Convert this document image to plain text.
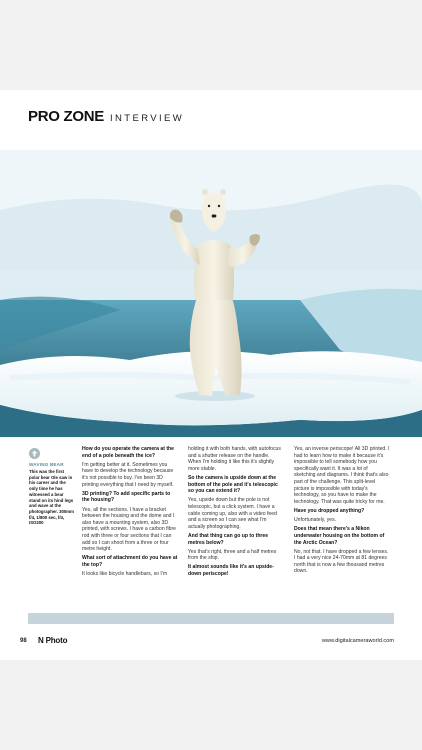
PRO ZONE INTERVIEW
WAVING BEAR
This was the first polar bear Ole saw in his career and the only time he has witnessed a bear stand on its hind legs and wave at the photographer. 300mm f/4, 1/800 sec, f/4, ISO200

How do you operate the camera at the end of a pole beneath the ice?

I'm getting better at it. Sometimes you have to develop the technology because it's not possible to buy. I've been 3D printing everything that I need by myself.

3D printing? To add specific parts to the housing?

Yes, all the sections. I have a bracket between the housing and the dome and I also have a mounting system, also 3D printed, with screws. I have a carbon fibre rod with three or four sections that I can add so I can shoot from a three or four metre height.

What sort of attachment do you have at the top?

It looks like bicycle handlebars, so I'm

holding it with both hands, with autofocus and a shutter release on the handle. When I'm holding it like this it's slightly more stable.

So the camera is upside down at the bottom of the pole and it's telescopic so you can extend it?

Yes, upside down but the pole is not telescopic, but a click system. I have a cable coming up, also with a video feed and a screen so I can see what I'm actually photographing.

And that thing can go up to three metres below?

Yes that's right, three and a half metres from the ship.

It almost sounds like it's an upside-down periscope!

Yes, an inverse periscope! All 3D printed. I had to learn how to make it because it's impossible to tell somebody how you specifically want it. It was a lot of sketching and diagrams. I think that's also part of the challenge. This split-level picture is impossible with today's technology, so you have to make the technology. That was quite tricky for me.

Have you dropped anything?

Unfortunately, yes.

Does that mean there's a Nikon underwater housing on the bottom of the Arctic Ocean?

No, not that. I have dropped a few lenses. I had a very nice 24-70mm at 81 degrees north that is now a few thousand metres down.

98 N Photo	www.digitalcameraworld.com
